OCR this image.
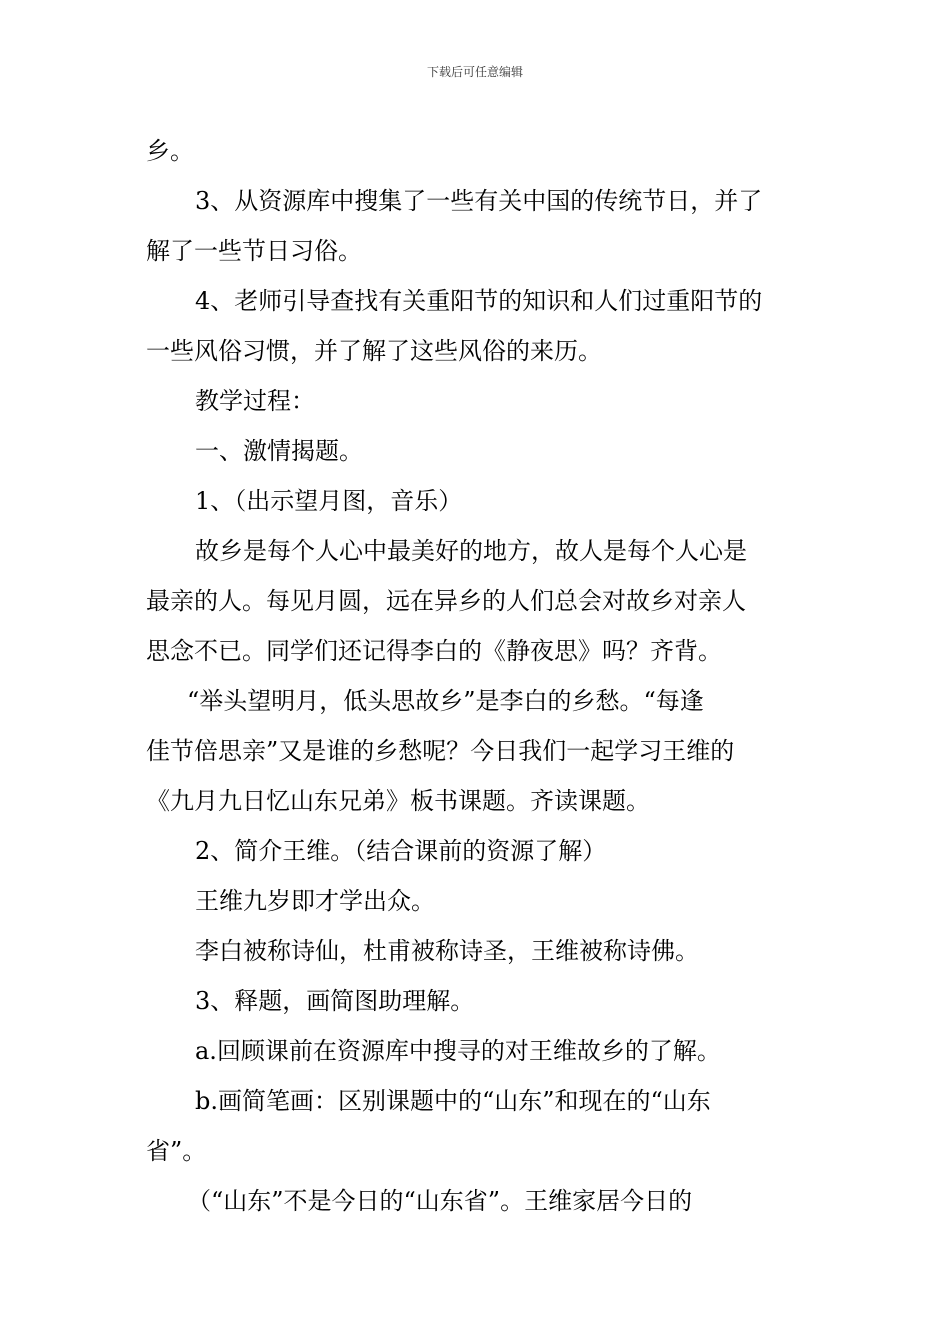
下载后可任意编辑
乡。
3、从资源库中搜集了一些有关中国的传统节日，并了
解了一些节日习俗。
4、老师引导查找有关重阳节的知识和人们过重阳节的
一些风俗习惯，并了解了这些风俗的来历。
教学过程：
一、激情揭题。
1、（出示望月图，音乐）
故乡是每个人心中最美好的地方，故人是每个人心是
最亲的人。每见月圆，远在异乡的人们总会对故乡对亲人
思念不已。同学们还记得李白的《静夜思》吗？齐背。
“举头望明月，低头思故乡”是李白的乡愁。“每逢
佳节倍思亲”又是谁的乡愁呢？今日我们一起学习王维的
《九月九日忆山东兄弟》板书课题。齐读课题。
2、简介王维。（结合课前的资源了解）
王维九岁即才学出众。
李白被称诗仙，杜甫被称诗圣，王维被称诗佛。
3、释题，画简图助理解。
a.回顾课前在资源库中搜寻的对王维故乡的了解。
b.画简笔画：区别课题中的“山东”和现在的“山东
省”。
（“山东”不是今日的“山东省”。王维家居今日的
